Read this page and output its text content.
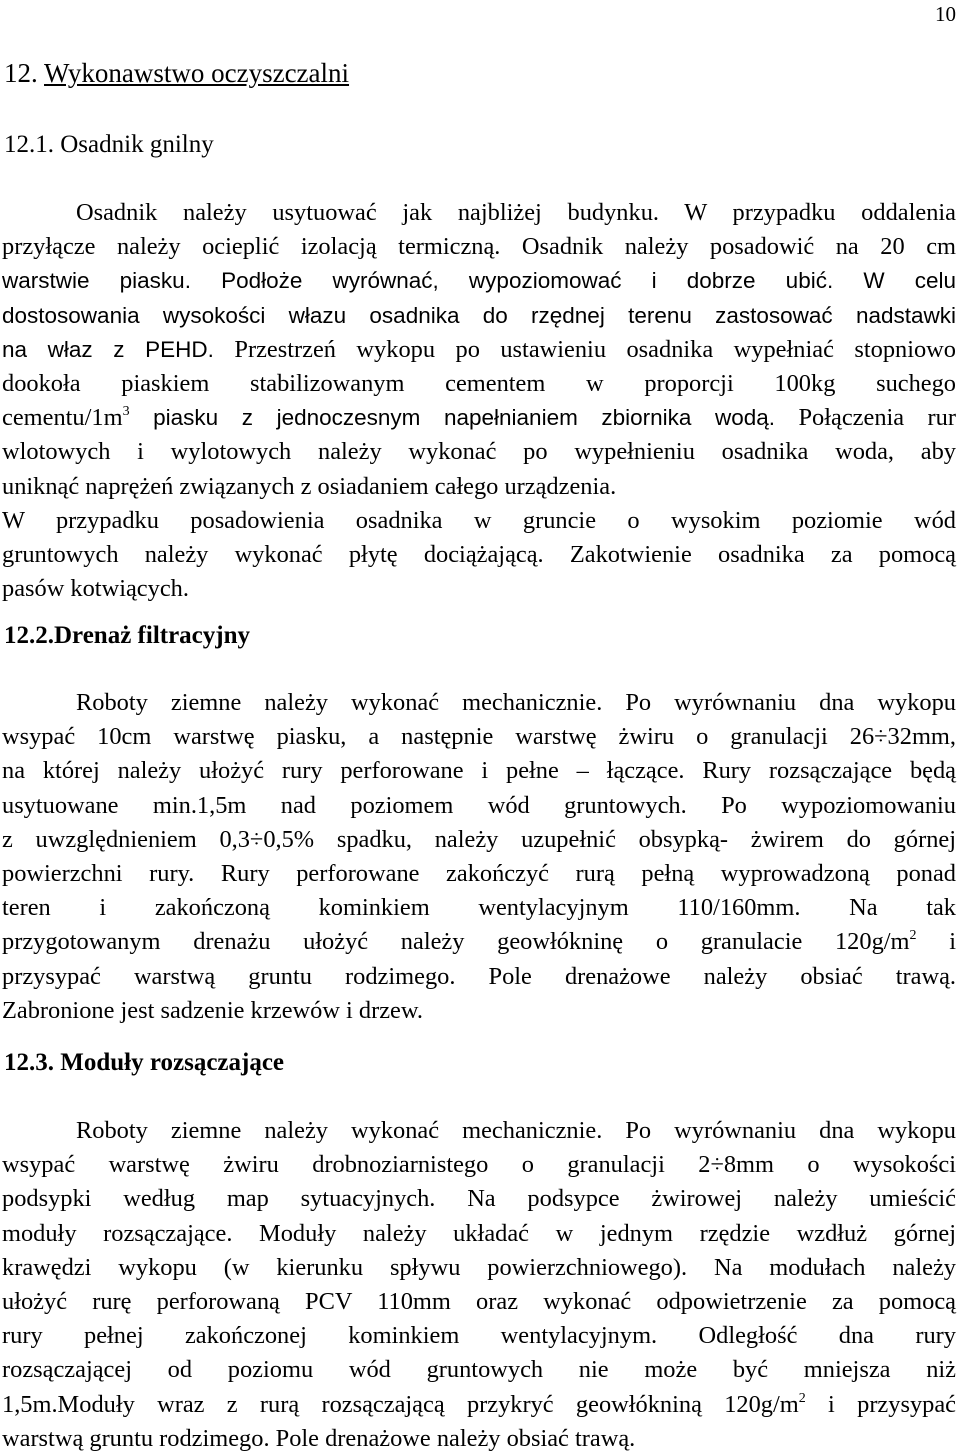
10
12. Wykonawstwo oczyszczalni
12.1. Osadnik gnilny
Osadnik należy usytuować jak najbliżej budynku. W przypadku oddalenia
przyłącze należy ocieplić izolacją termiczną. Osadnik należy posadowić na 20 cm
warstwie piasku. Podłoże wyrównać, wypoziomować i dobrze ubić. W celu
dostosowania wysokości włazu osadnika do rzędnej terenu zastosować nadstawki
na właz z PEHD. Przestrzeń wykopu po ustawieniu osadnika wypełniać stopniowo
dookoła piaskiem stabilizowanym cementem w proporcji 100kg suchego
cementu/$1m^3$ piasku z jednoczesnym napełnianiem zbiornika wodą. Połączenia rur
wlotowych i wylotowych należy wykonać po wypełnieniu osadnika woda, aby
uniknąć naprężeń związanych z osiadaniem całego urządzenia.
W przypadku posadowienia osadnika w gruncie o wysokim poziomie wód
gruntowych należy wykonać płytę dociążającą. Zakotwienie osadnika za pomocą
pasów kotwiących.
12.2.Drenaż filtracyjny
Roboty ziemne należy wykonać mechanicznie. Po wyrównaniu dna wykopu
wsypać 10cm warstwę piasku, a następnie warstwę żwiru o granulacji 26÷32mm,
na której należy ułożyć rury perforowane i pełne – łączące. Rury rozsączające będą
usytuowane min.1,5m nad poziomem wód gruntowych. Po wypoziomowaniu
z uwzględnieniem 0,3÷0,5% spadku, należy uzupełnić obsypką- żwirem do górnej
powierzchni rury. Rury perforowane zakończyć rurą pełną wyprowadzoną ponad
teren i zakończoną kominkiem wentylacyjnym 110/160mm. Na tak
przygotowanym drenażu ułożyć należy geowłókninę o granulacie $120g/m^2$ i
przysypać warstwą gruntu rodzimego. Pole drenażowe należy obsiać trawą.
Zabronione jest sadzenie krzewów i drzew.
12.3. Moduły rozsączające
Roboty ziemne należy wykonać mechanicznie. Po wyrównaniu dna wykopu
wsypać warstwę żwiru drobnoziarnistego o granulacji 2÷8mm o wysokości
podsypki według map sytuacyjnych. Na podsypce żwirowej należy umieścić
moduły rozsączające. Moduły należy układać w jednym rzędzie wzdłuż górnej
krawędzi wykopu (w kierunku spływu powierzchniowego). Na modułach należy
ułożyć rurę perforowaną PCV 110mm oraz wykonać odpowietrzenie za pomocą
rury pełnej zakończonej kominkiem wentylacyjnym. Odległość dna rury
rozsączającej od poziomu wód gruntowych nie może być mniejsza niż
1,5m.Moduły wraz z rurą rozsączającą przykryć geowłókniną $120g/m^2$ i przysypać
warstwą gruntu rodzimego. Pole drenażowe należy obsiać trawą.
